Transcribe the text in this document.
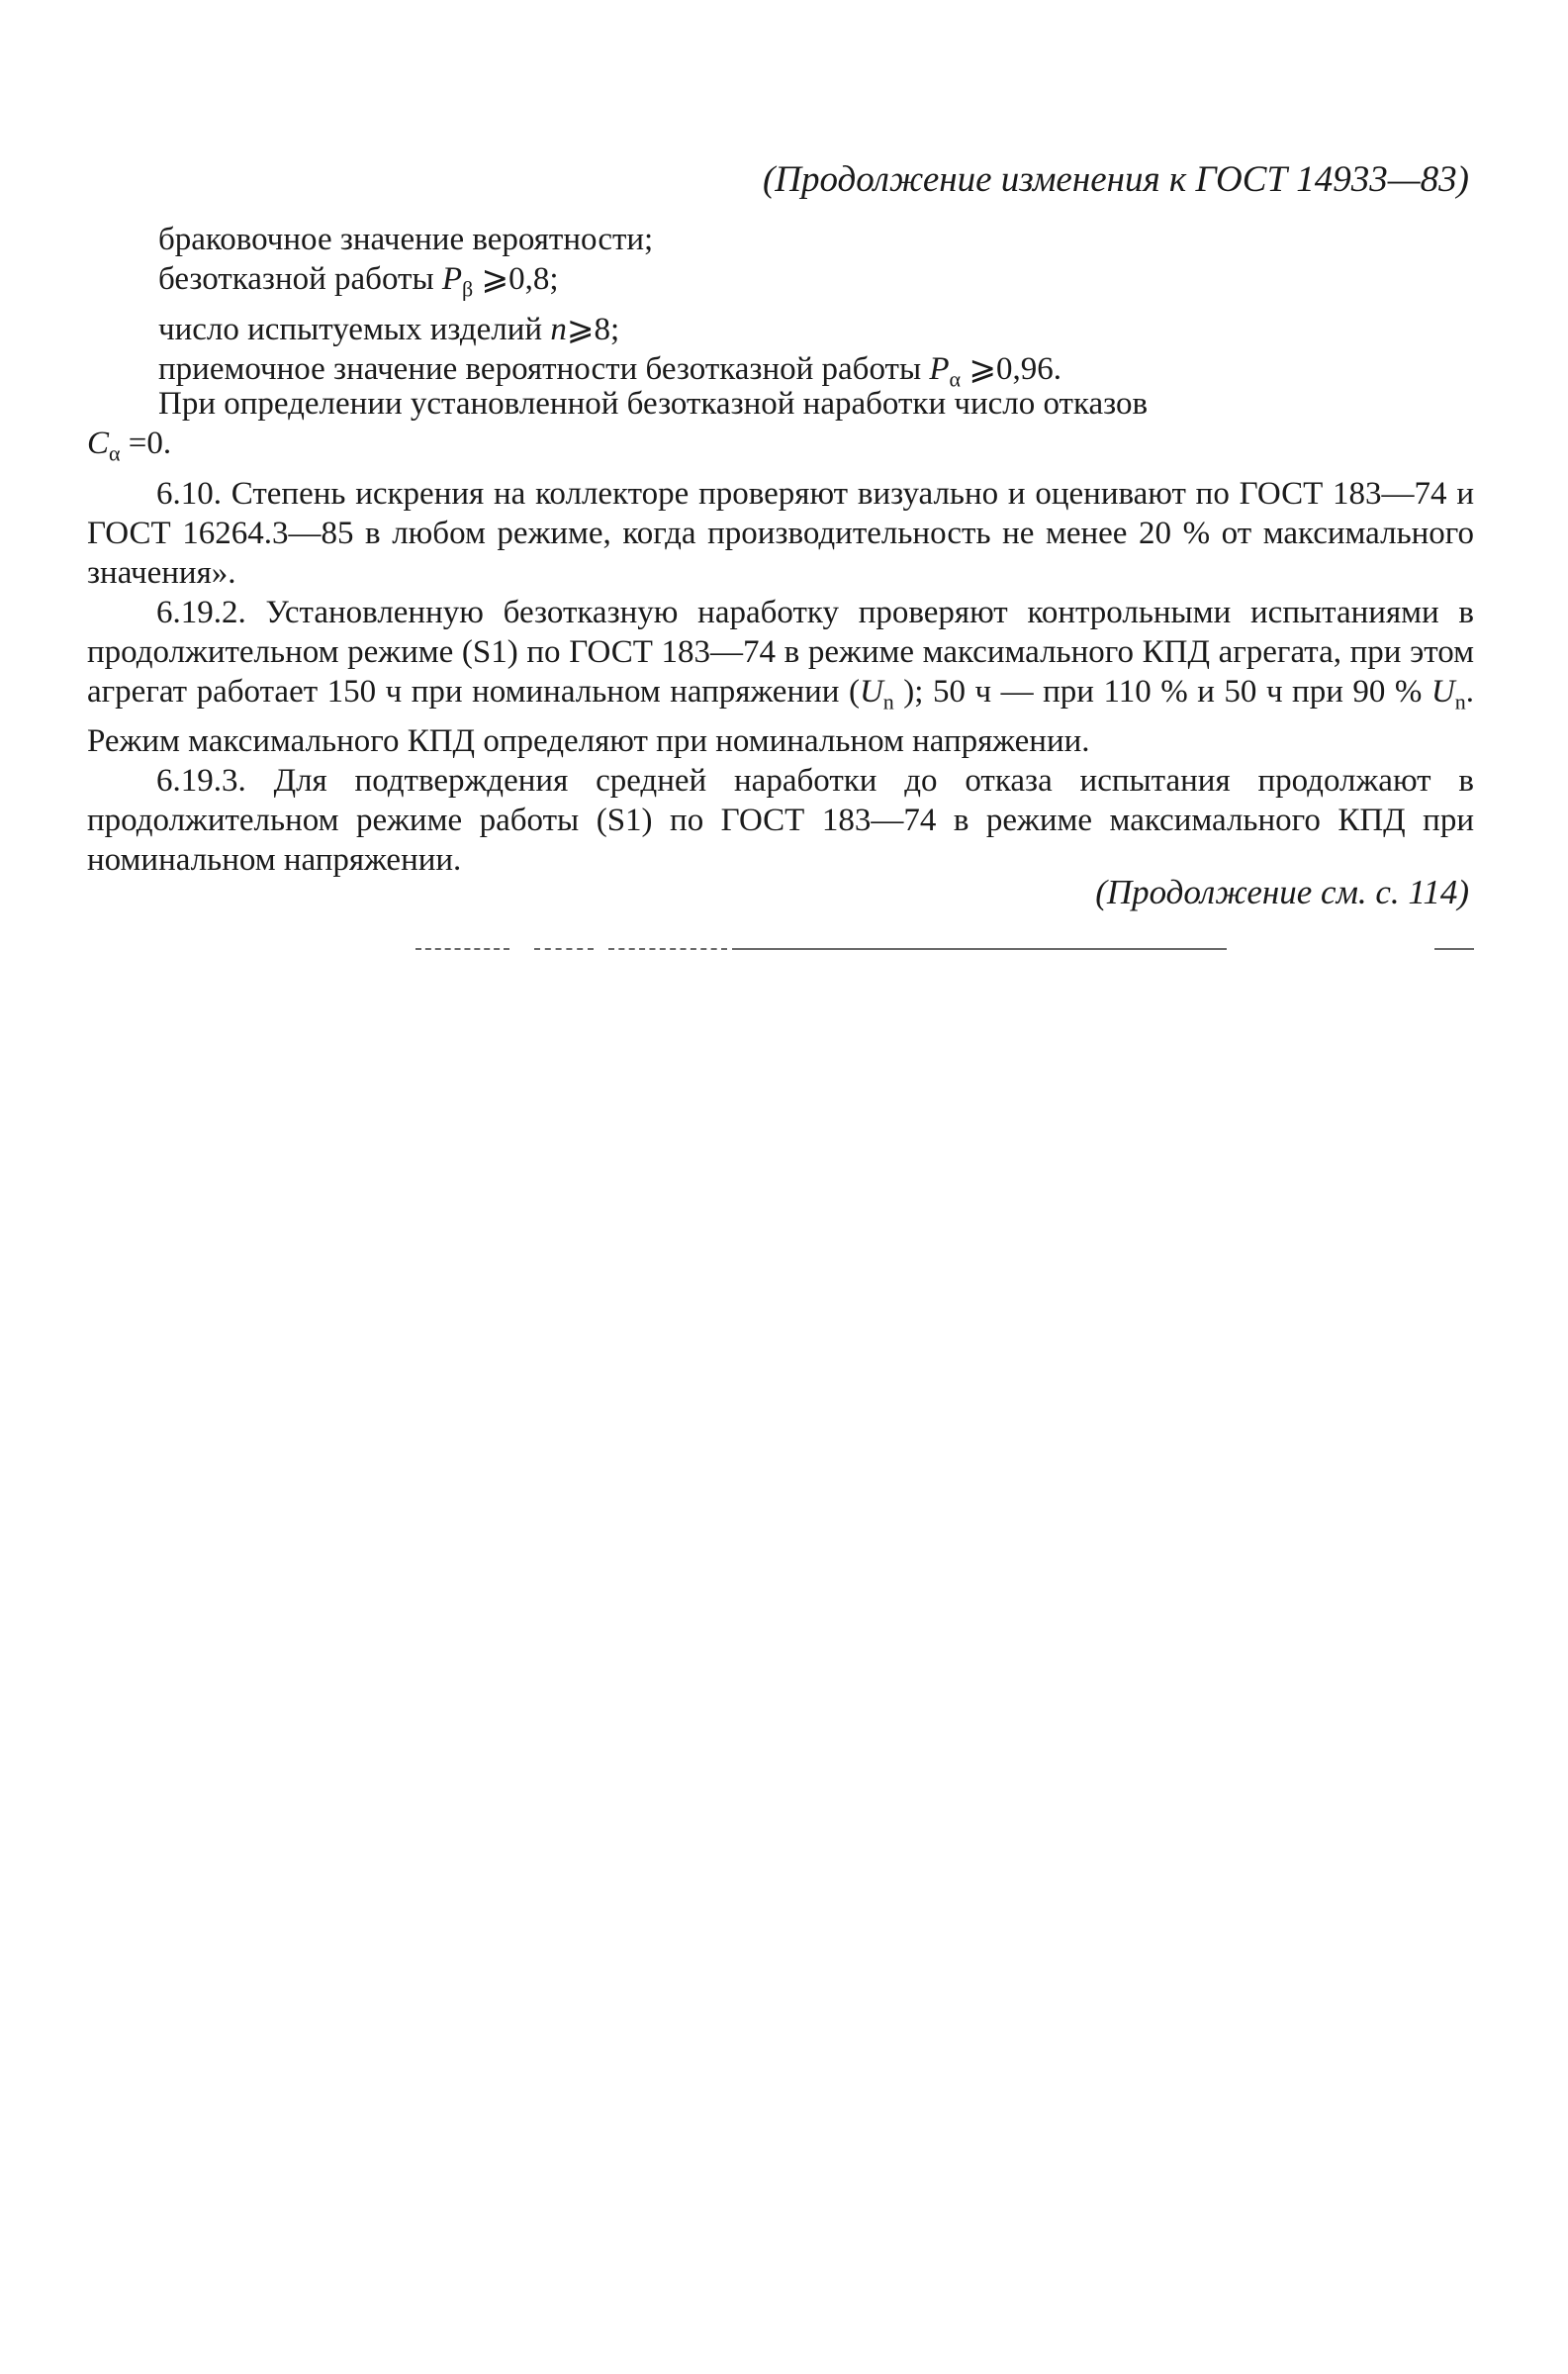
(Продолжение изменения к ГОСТ 14933—83)
браковочное значение вероятности;
безотказной работы $P_\beta$ ⩾0,8;
число испытуемых изделий n⩾8;
приемочное значение вероятности безотказной работы $P_\alpha$ ⩾0,96.

При определении установленной безотказной наработки число отказов
$C_\alpha =0$.

6.10. Степень искрения на коллекторе проверяют визуально и оценивают по ГОСТ 183—74 и ГОСТ 16264.3—85 в любом режиме, когда производительность не менее 20 % от максимального значения».

6.19.2. Установленную безотказную наработку проверяют контрольными испытаниями в продолжительном режиме (S1) по ГОСТ 183—74 в режиме максимального КПД агрегата, при этом агрегат работает 150 ч при номинальном напряжении ($U_n$ ); 50 ч — при 110 % и 50 ч при 90 % $U_n$. Режим максимального КПД определяют при номинальном напряжении.

6.19.3. Для подтверждения средней наработки до отказа испытания продолжают в продолжительном режиме работы (S1) по ГОСТ 183—74 в режиме максимального КПД при номинальном напряжении.

(Продолжение см. с. 114)
